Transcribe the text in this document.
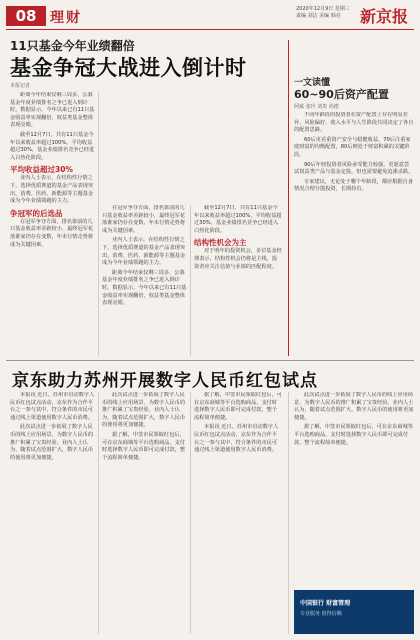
08 理财
2020年12月9日 星期三
责编 刘洁 美编 韩亮	新京报
11只基金今年业绩翻倍
基金争冠大战进入倒计时
本报记者

距离今年结束仅剩三周多，公募基金年度业绩排名之争已进入倒计时。数据显示，今年以来已有11只基金收益率实现翻倍，权益类基金整体表现亮眼。

截至12月7日，共有11只基金今年以来收益率超过100%，平均收益超过30%，基金业绩排名竞争已经进入白热化阶段。

平均收益超过30%

业内人士表示，在结构性行情之下，选择优质赛道的基金产品表现突出，消费、医药、新能源等主题基金成为今年业绩领跑的主力。

争冠军的后选品

在冠军争夺方面，排名靠前的几只基金收益率差距较小，最终冠军花落谁家仍存在变数，年末行情走势将成为关键因素。

在冠军争夺方面，排名靠前的几只基金收益率差距较小，最终冠军花落谁家仍存在变数，年末行情走势将成为关键因素。

业内人士表示，在结构性行情之下，选择优质赛道的基金产品表现突出，消费、医药、新能源等主题基金成为今年业绩领跑的主力。

距离今年结束仅剩三周多，公募基金年度业绩排名之争已进入倒计时。数据显示，今年以来已有11只基金收益率实现翻倍，权益类基金整体表现亮眼。

截至12月7日，共有11只基金今年以来收益率超过100%，平均收益超过30%，基金业绩排名竞争已经进入白热化阶段。

结构性机会为主

对于明年的投资机会，多位基金经理表示，结构性机会仍将是主线，投资者应关注估值与业绩的匹配程度。

一文读懂
60~90后资产配置
阿斌 张玲 刘贵 尚德

不同年龄段的投资者在资产配置上存在明显差异，风险偏好、收入水平与人生阶段共同决定了各自的配置思路。

60后更看重资产安全与稳健收益，70后注重家庭财富的均衡配置，80后则处于财富积累的关键阶段。

90后年轻投资者风险承受能力较强，更愿意尝试权益类产品与基金定投，但也需要避免追涨杀跌。

专家建议，无论处于哪个年龄段，都应根据自身情况合理分散投资，长期持有。

京东助力苏州开展数字人民币红包试点

本报讯 近日，苏州市启动数字人民币红包试点活动，京东作为合作平台之一参与其中，符合条件的市民可通过线上渠道使用数字人民币消费。

此次试点进一步拓展了数字人民币的线上应用场景，为数字人民币的推广积累了宝贵经验。业内人士认为，随着试点范围扩大，数字人民币的使用将更加便捷。

此次试点进一步拓展了数字人民币的线上应用场景，为数字人民币的推广积累了宝贵经验。业内人士认为，随着试点范围扩大，数字人民币的使用将更加便捷。

据了解，中签市民领取红包后，可在京东商城等平台选购商品，支付时选择数字人民币即可完成付款，整个流程简单便捷。

据了解，中签市民领取红包后，可在京东商城等平台选购商品，支付时选择数字人民币即可完成付款，整个流程简单便捷。

本报讯 近日，苏州市启动数字人民币红包试点活动，京东作为合作平台之一参与其中，符合条件的市民可通过线上渠道使用数字人民币消费。

此次试点进一步拓展了数字人民币的线上应用场景，为数字人民币的推广积累了宝贵经验。业内人士认为，随着试点范围扩大，数字人民币的使用将更加便捷。

据了解，中签市民领取红包后，可在京东商城等平台选购商品，支付时选择数字人民币即可完成付款，整个流程简单便捷。

中国银行 财富管理
专业服务 值得信赖
